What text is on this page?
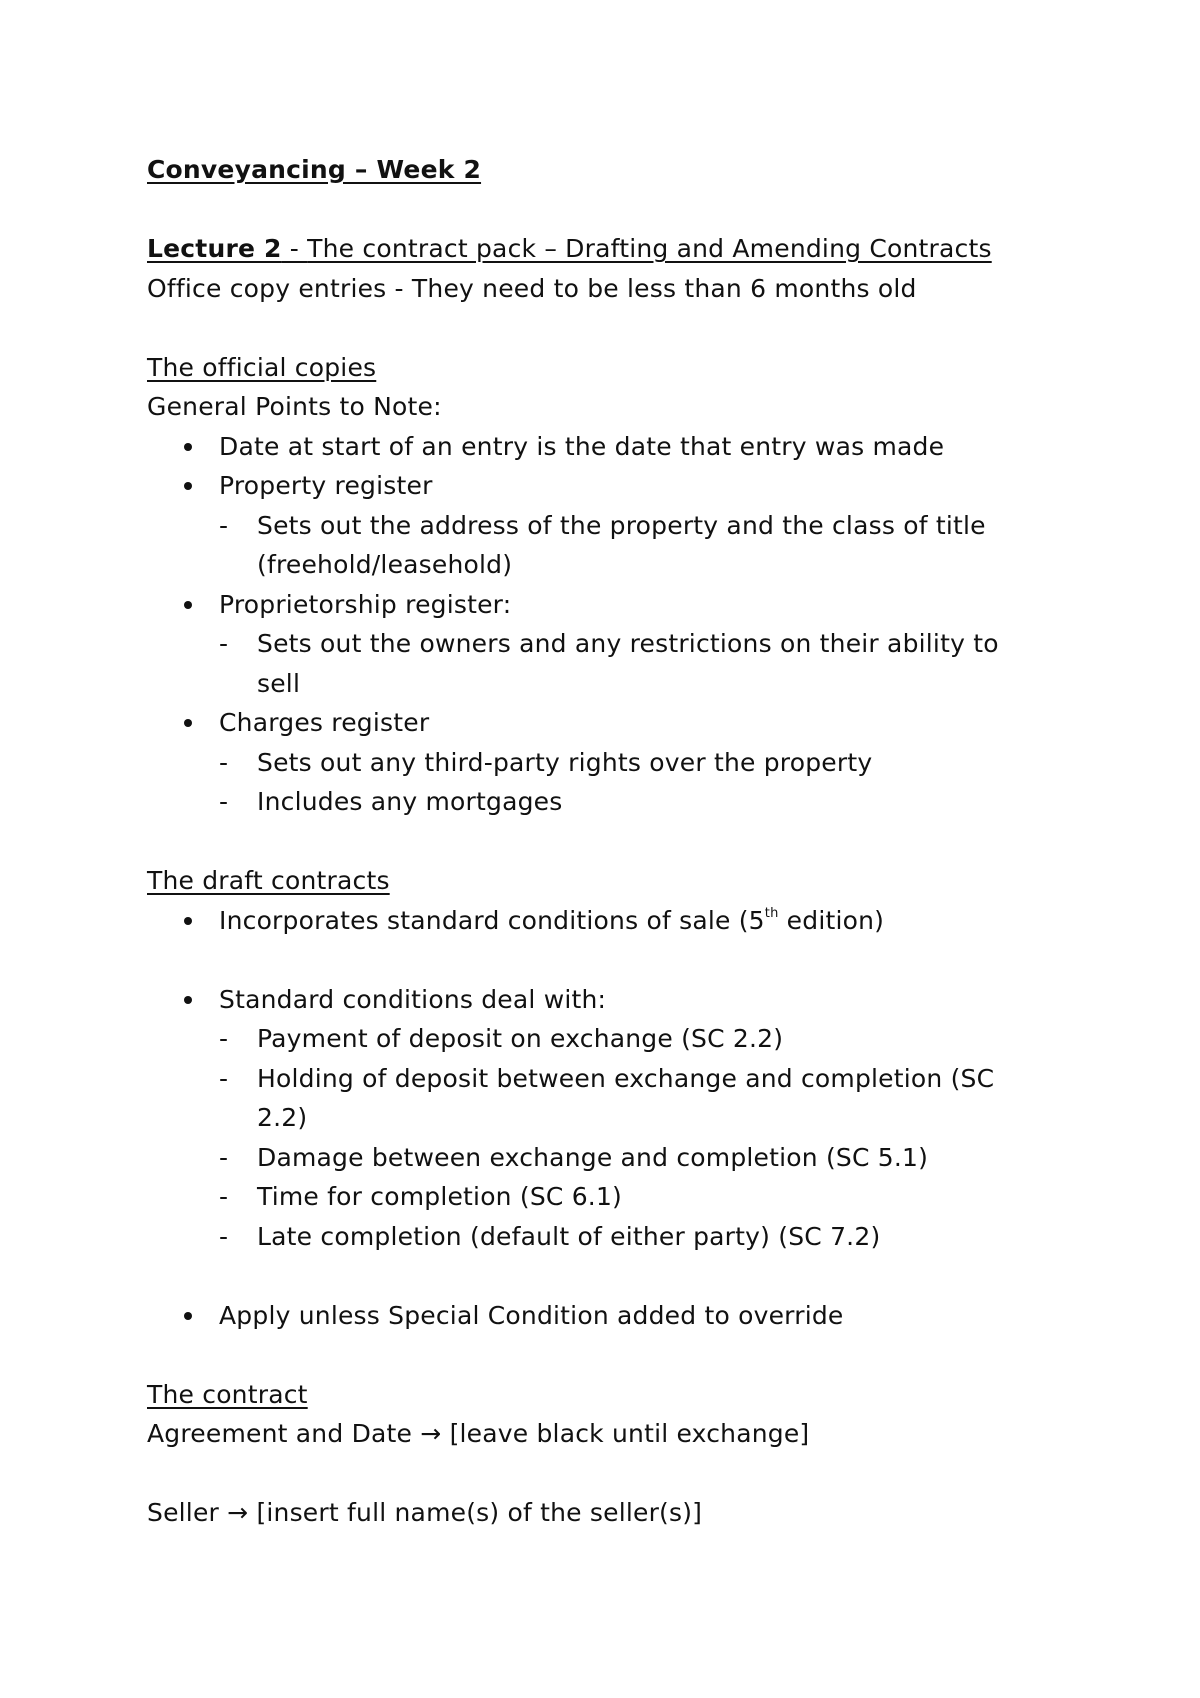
Conveyancing – Week 2
Lecture 2 - The contract pack – Drafting and Amending Contracts
Office copy entries - They need to be less than 6 months old
The official copies
General Points to Note:
Date at start of an entry is the date that entry was made
Property register
- Sets out the address of the property and the class of title
(freehold/leasehold)
Proprietorship register:
- Sets out the owners and any restrictions on their ability to
sell
Charges register
- Sets out any third-party rights over the property
- Includes any mortgages
The draft contracts
Incorporates standard conditions of sale (5th edition)
Standard conditions deal with:
- Payment of deposit on exchange (SC 2.2)
- Holding of deposit between exchange and completion (SC
2.2)
- Damage between exchange and completion (SC 5.1)
- Time for completion (SC 6.1)
- Late completion (default of either party) (SC 7.2)
Apply unless Special Condition added to override
The contract
Agreement and Date → [leave black until exchange]
Seller → [insert full name(s) of the seller(s)]
